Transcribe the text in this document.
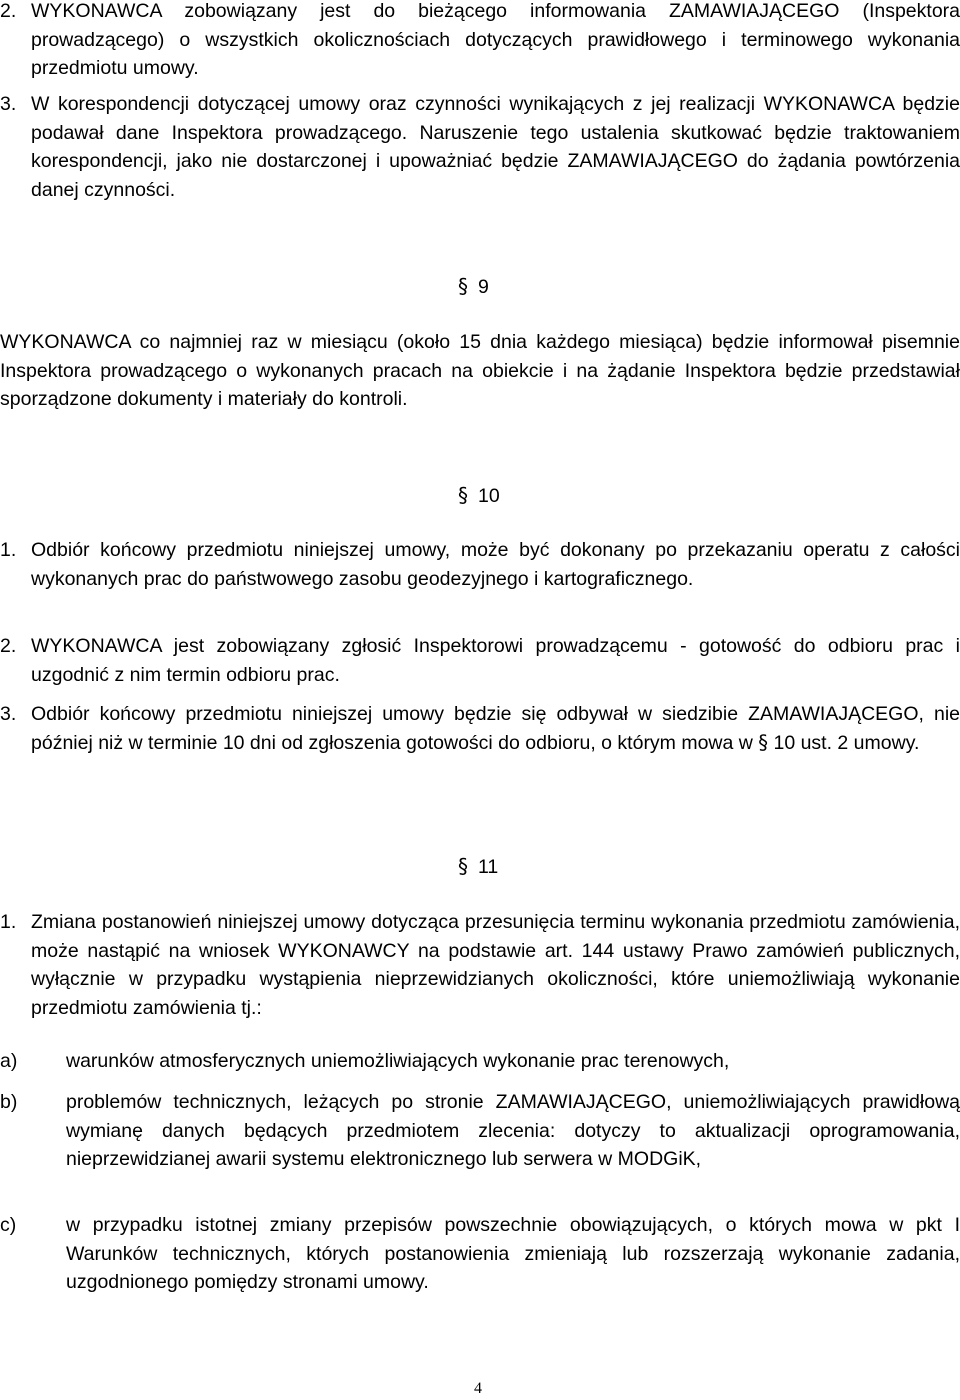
2. WYKONAWCA zobowiązany jest do bieżącego informowania ZAMAWIAJĄCEGO (Inspektora prowadzącego) o wszystkich okolicznościach dotyczących prawidłowego i terminowego wykonania przedmiotu umowy.
3. W korespondencji dotyczącej umowy oraz czynności wynikających z jej realizacji WYKONAWCA będzie podawał dane Inspektora prowadzącego. Naruszenie tego ustalenia skutkować będzie traktowaniem korespondencji, jako nie dostarczonej i upoważniać będzie ZAMAWIAJĄCEGO do żądania powtórzenia danej czynności.
§ 9
WYKONAWCA co najmniej raz w miesiącu (około 15 dnia każdego miesiąca) będzie informował pisemnie Inspektora prowadzącego o wykonanych pracach na obiekcie i na żądanie Inspektora będzie przedstawiał sporządzone dokumenty i materiały do kontroli.
§ 10
1. Odbiór końcowy przedmiotu niniejszej umowy, może być dokonany po przekazaniu operatu z całości wykonanych prac do państwowego zasobu geodezyjnego i kartograficznego.
2. WYKONAWCA jest zobowiązany zgłosić Inspektorowi prowadzącemu - gotowość do odbioru prac i uzgodnić z nim termin odbioru prac.
3. Odbiór końcowy przedmiotu niniejszej umowy będzie się odbywał w siedzibie ZAMAWIAJĄCEGO, nie później niż w terminie 10 dni od zgłoszenia gotowości do odbioru, o którym mowa w § 10 ust. 2 umowy.
§ 11
1. Zmiana postanowień niniejszej umowy dotycząca przesunięcia terminu wykonania przedmiotu zamówienia, może nastąpić na wniosek WYKONAWCY na podstawie art. 144 ustawy Prawo zamówień publicznych, wyłącznie w przypadku wystąpienia nieprzewidzianych okoliczności, które uniemożliwiają wykonanie przedmiotu zamówienia tj.:
a) warunków atmosferycznych uniemożliwiających wykonanie prac terenowych,
b) problemów technicznych, leżących po stronie ZAMAWIAJĄCEGO, uniemożliwiających prawidłową wymianę danych będących przedmiotem zlecenia: dotyczy to aktualizacji oprogramowania, nieprzewidzianej awarii systemu elektronicznego lub serwera w MODGiK,
c)	w przypadku istotnej zmiany przepisów powszechnie obowiązujących, o których mowa w pkt I Warunków technicznych, których postanowienia zmieniają lub rozszerzają wykonanie zadania, uzgodnionego pomiędzy stronami umowy.
4
